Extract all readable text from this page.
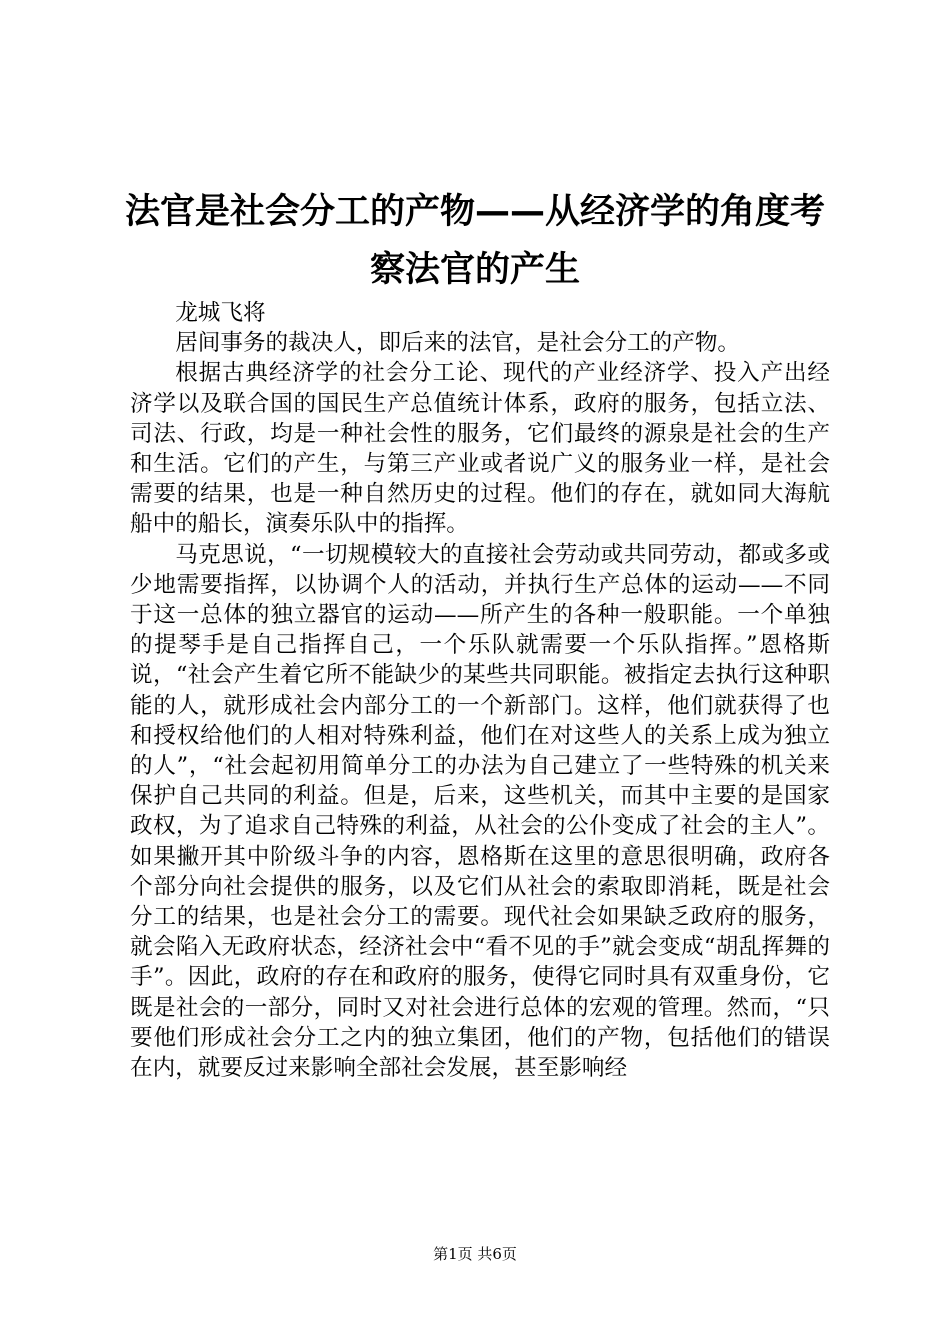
法官是社会分工的产物——从经济学的角度考
察法官的产生

龙城飞将

居间事务的裁决人，即后来的法官，是社会分工的产物。

根据古典经济学的社会分工论、现代的产业经济学、投入产出经济学以及联合国的国民生产总值统计体系，政府的服务，包括立法、司法、行政，均是一种社会性的服务，它们最终的源泉是社会的生产和生活。它们的产生，与第三产业或者说广义的服务业一样，是社会需要的结果，也是一种自然历史的过程。他们的存在，就如同大海航船中的船长，演奏乐队中的指挥。

马克思说，“一切规模较大的直接社会劳动或共同劳动，都或多或少地需要指挥，以协调个人的活动，并执行生产总体的运动——不同于这一总体的独立器官的运动——所产生的各种一般职能。一个单独的提琴手是自己指挥自己，一个乐队就需要一个乐队指挥。”恩格斯说，“社会产生着它所不能缺少的某些共同职能。被指定去执行这种职能的人，就形成社会内部分工的一个新部门。这样，他们就获得了也和授权给他们的人相对特殊利益，他们在对这些人的关系上成为独立的人”，“社会起初用简单分工的办法为自己建立了一些特殊的机关来保护自己共同的利益。但是，后来，这些机关，而其中主要的是国家政权，为了追求自己特殊的利益，从社会的公仆变成了社会的主人”。如果撇开其中阶级斗争的内容，恩格斯在这里的意思很明确，政府各个部分向社会提供的服务，以及它们从社会的索取即消耗，既是社会分工的结果，也是社会分工的需要。现代社会如果缺乏政府的服务，就会陷入无政府状态，经济社会中“看不见的手”就会变成“胡乱挥舞的手”。因此，政府的存在和政府的服务，使得它同时具有双重身份，它既是社会的一部分，同时又对社会进行总体的宏观的管理。然而，“只要他们形成社会分工之内的独立集团，他们的产物，包括他们的错误在内，就要反过来影响全部社会发展，甚至影响经

第1页 共6页
